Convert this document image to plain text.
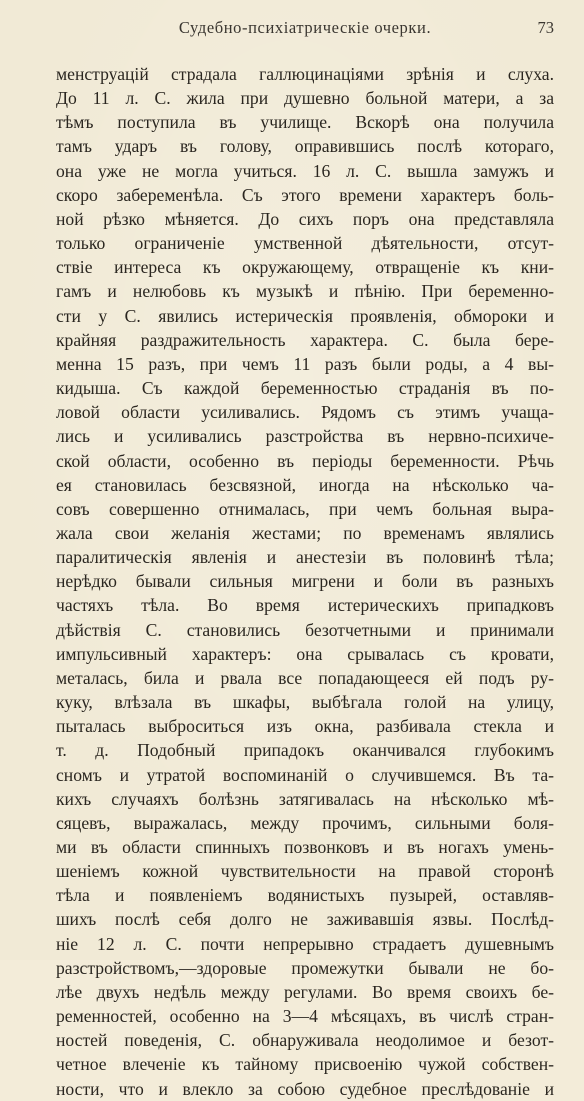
Судебно-психiатрическiе очерки.	73
менструацiй страдала галлюцинацiями зрѣнiя и слуха.
До 11 л. С. жила при душевно больной матери, а за
тѣмъ поступила въ училище. Вскорѣ она получила
тамъ ударъ въ голову, оправившись послѣ котораго,
она уже не могла учиться. 16 л. С. вышла замужъ и
скоро забеременѣла. Съ этого времени характеръ боль-
ной рѣзко мѣняется. До сихъ поръ она представляла
только ограниченiе умственной дѣятельности, отсут-
ствiе интереса къ окружающему, отвращенiе къ кни-
гамъ и нелюбовь къ музыкѣ и пѣнiю. При беременно-
сти у С. явились истерическiя проявленiя, обмороки и
крайняя раздражительность характера. С. была бере-
менна 15 разъ, при чемъ 11 разъ были роды, а 4 вы-
кидыша. Съ каждой беременностью страданiя въ по-
ловой области усиливались. Рядомъ съ этимъ учаща-
лись и усиливались разстройства въ нервно-психиче-
ской области, особенно въ перiоды беременности. Рѣчь
ея становилась безсвязной, иногда на нѣсколько ча-
совъ совершенно отнималась, при чемъ больная выра-
жала свои желанiя жестами; по временамъ являлись
паралитическiя явленiя и анестезiи въ половинѣ тѣла;
нерѣдко бывали сильныя мигрени и боли въ разныхъ
частяхъ тѣла. Во время истерическихъ припадковъ
дѣйствiя С. становились безотчетными и принимали
импульсивный характеръ: она срывалась съ кровати,
металась, била и рвала все попадающееся ей подъ ру-
куку, влѣзала въ шкафы, выбѣгала голой на улицу,
пыталась выброситься изъ окна, разбивала стекла и
т. д. Подобный припадокъ оканчивался глубокимъ
сномъ и утратой воспоминанiй о случившемся. Въ та-
кихъ случаяхъ болѣзнь затягивалась на нѣсколько мѣ-
сяцевъ, выражалась, между прочимъ, сильными боля-
ми въ области спинныхъ позвонковъ и въ ногахъ умень-
шенiемъ кожной чувствительности на правой сторонѣ
тѣла и появленiемъ водянистыхъ пузырей, оставляв-
шихъ послѣ себя долго не заживавшiя язвы. Послѣд-
нiе 12 л. С. почти непрерывно страдаетъ душевнымъ
разстройствомъ,—здоровые промежутки бывали не бо-
лѣе двухъ недѣль между регулами. Во время своихъ бе-
ременностей, особенно на 3—4 мѣсяцахъ, въ числѣ стран-
ностей поведенiя, С. обнаруживала неодолимое и безот-
четное влеченiе къ тайному присвоенiю чужой собствен-
ности, что и влекло за собою судебное преслѣдованiе и
